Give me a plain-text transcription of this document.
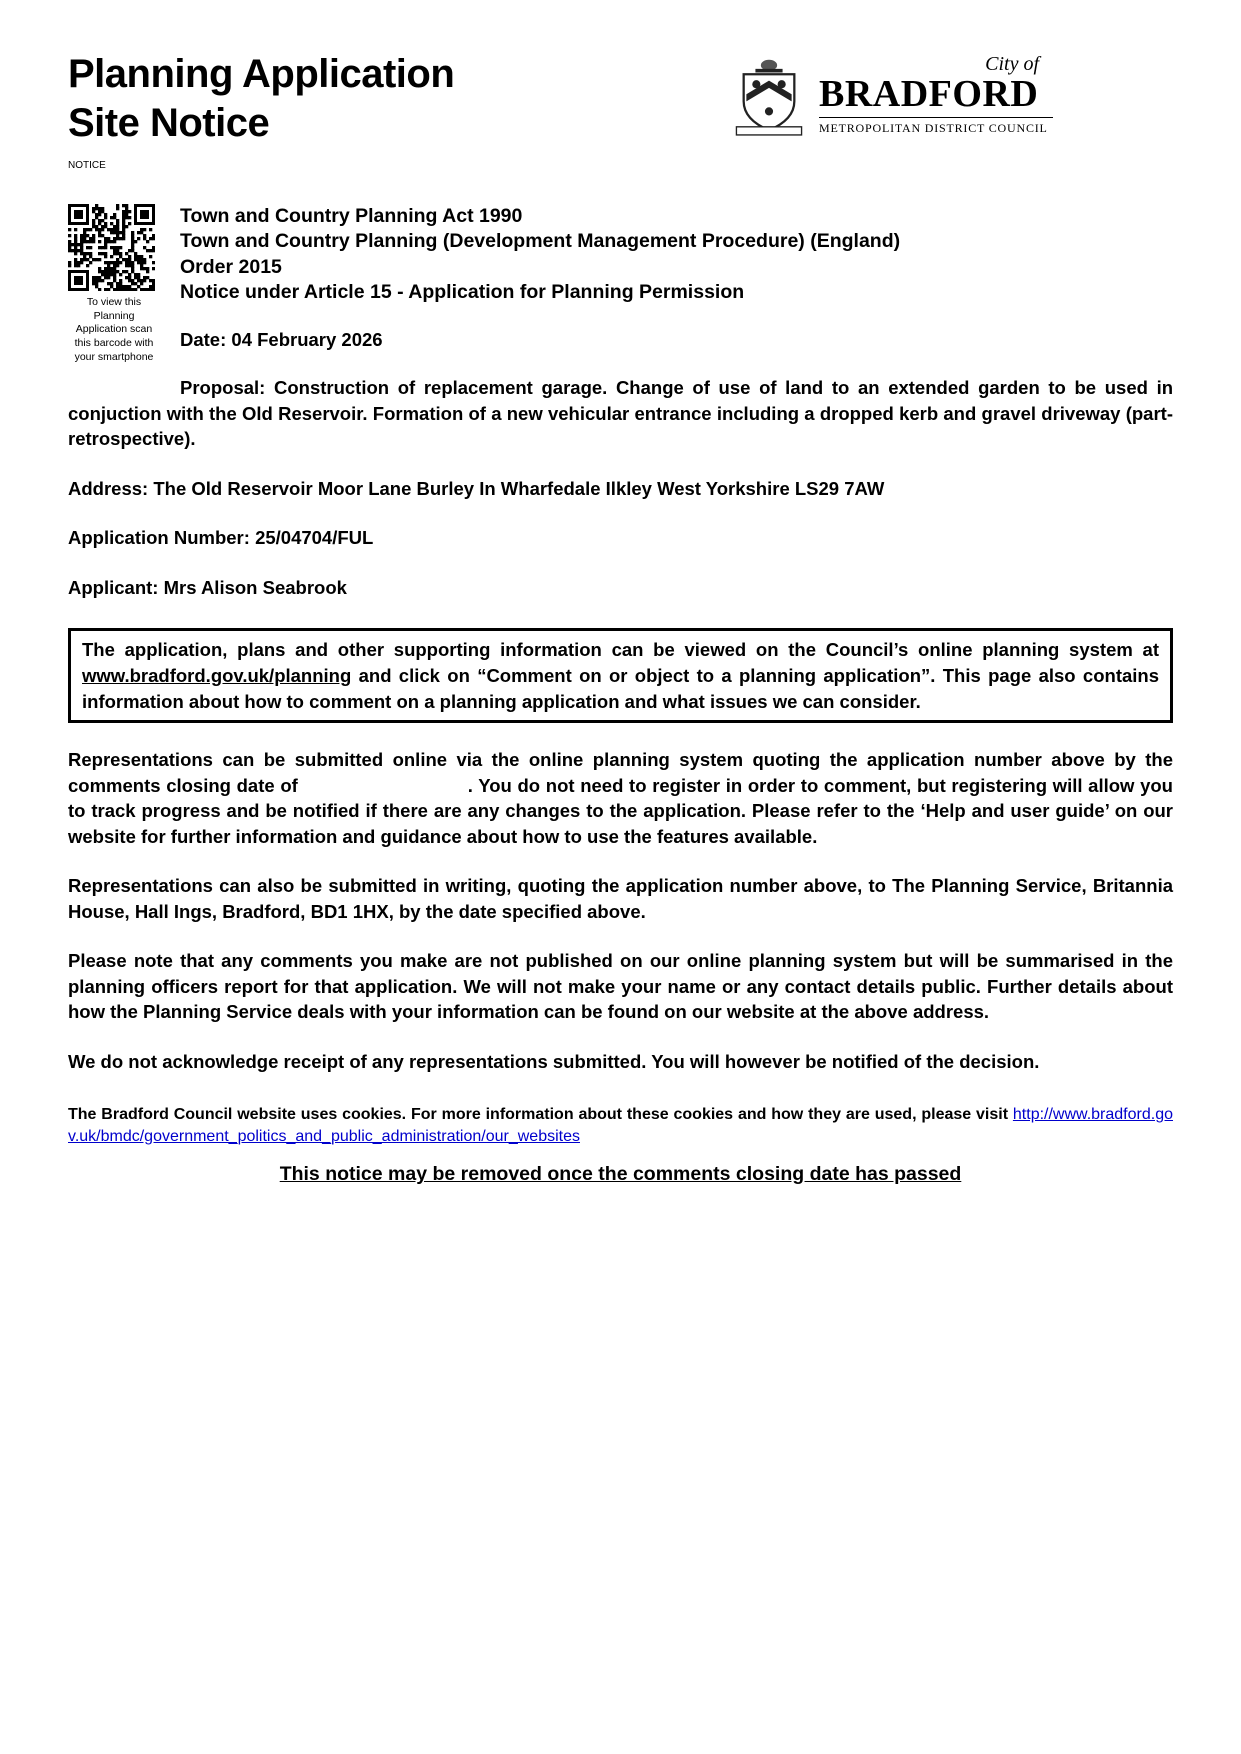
Planning Application
Site Notice
NOTICE
City of
BRADFORD
METROPOLITAN DISTRICT COUNCIL
To view this Planning Application scan this barcode with your smartphone
Town and Country Planning Act 1990
Town and Country Planning (Development Management Procedure) (England)
Order 2015
Notice under Article 15 - Application for Planning Permission
Date: 04 February 2026

Proposal: Construction of replacement garage. Change of use of land to an extended garden to be used in conjuction with the Old Reservoir. Formation of a new vehicular entrance including a dropped kerb and gravel driveway (part-retrospective).

Address: The Old Reservoir Moor Lane Burley In Wharfedale Ilkley West Yorkshire LS29 7AW

Application Number: 25/04704/FUL

Applicant: Mrs Alison Seabrook

The application, plans and other supporting information can be viewed on the Council’s online planning system at www.bradford.gov.uk/planning and click on “Comment on or object to a planning application”. This page also contains information about how to comment on a planning application and what issues we can consider.

Representations can be submitted online via the online planning system quoting the application number above by the comments closing date of	. You do not need to register in order to comment, but registering will allow you to track progress and be notified if there are any changes to the application. Please refer to the ‘Help and user guide’ on our website for further information and guidance about how to use the features available.

Representations can also be submitted in writing, quoting the application number above, to The Planning Service, Britannia House, Hall Ings, Bradford, BD1 1HX, by the date specified above.

Please note that any comments you make are not published on our online planning system but will be summarised in the planning officers report for that application. We will not make your name or any contact details public. Further details about how the Planning Service deals with your information can be found on our website at the above address.

We do not acknowledge receipt of any representations submitted. You will however be notified of the decision.

The Bradford Council website uses cookies. For more information about these cookies and how they are used, please visit http://www.bradford.gov.uk/bmdc/government_politics_and_public_administration/our_websites

This notice may be removed once the comments closing date has passed
